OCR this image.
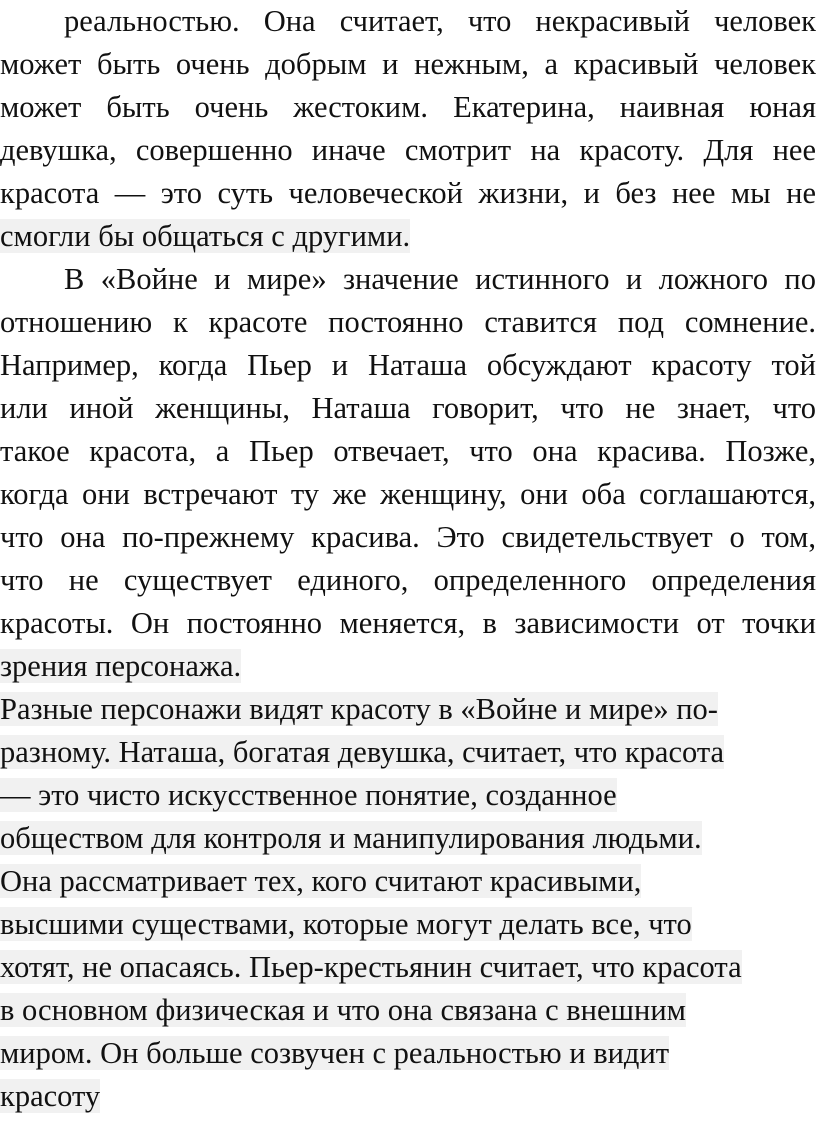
реальностью. Она считает, что некрасивый человек
может быть очень добрым и нежным, а красивый человек
может быть очень жестоким. Екатерина, наивная юная
девушка, совершенно иначе смотрит на красоту. Для нее
красота — это суть человеческой жизни, и без нее мы не
смогли бы общаться с другими.
В «Войне и мире» значение истинного и ложного по
отношению к красоте постоянно ставится под сомнение.
Например, когда Пьер и Наташа обсуждают красоту той
или иной женщины, Наташа говорит, что не знает, что
такое красота, а Пьер отвечает, что она красива. Позже,
когда они встречают ту же женщину, они оба соглашаются,
что она по-прежнему красива. Это свидетельствует о том,
что не существует единого, определенного определения
красоты. Он постоянно меняется, в зависимости от точки
зрения персонажа.
Разные персонажи видят красоту в «Войне и мире» по-
разному. Наташа, богатая девушка, считает, что красота
— это чисто искусственное понятие, созданное
обществом для контроля и манипулирования людьми.
Она рассматривает тех, кого считают красивыми,
высшими существами, которые могут делать все, что
хотят, не опасаясь. Пьер-крестьянин считает, что красота
в основном физическая и что она связана с внешним
миром. Он больше созвучен с реальностью и видит
красоту
